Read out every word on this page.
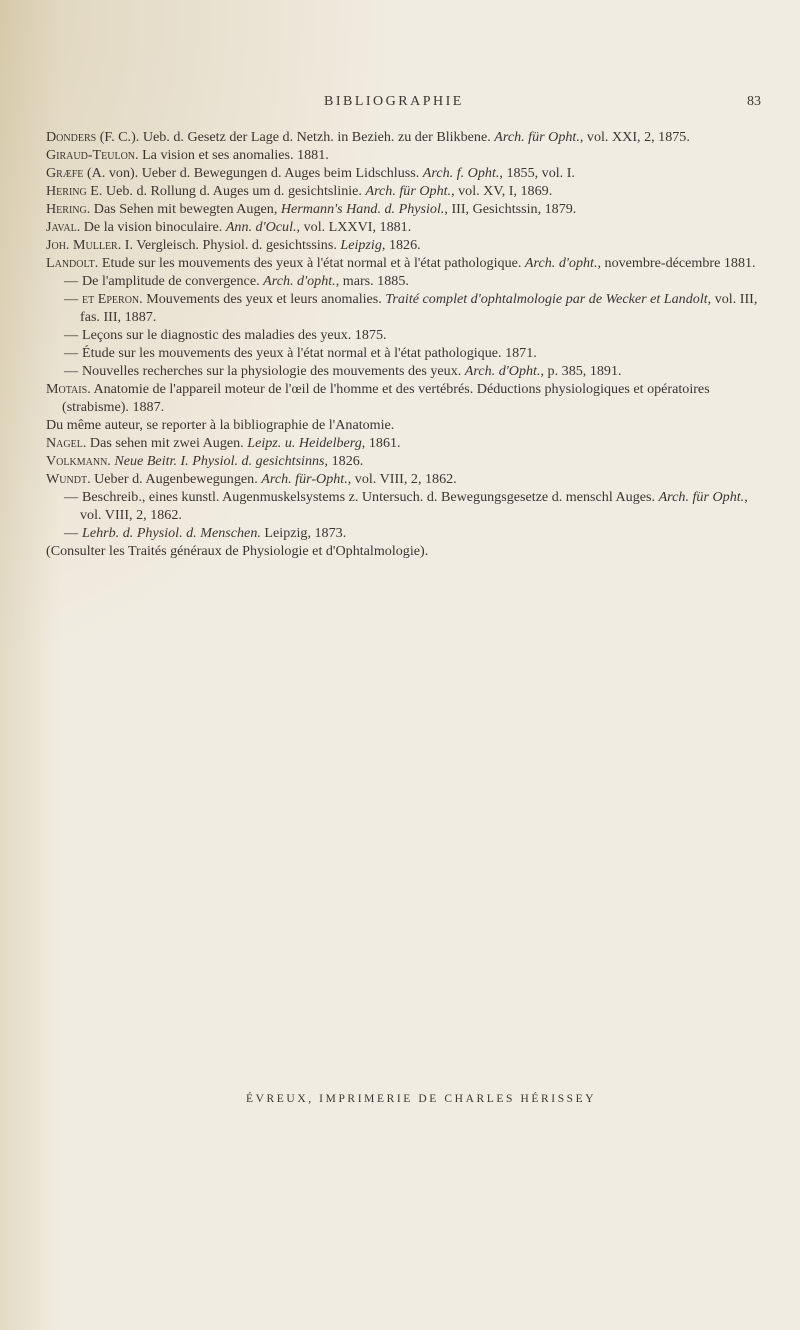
BIBLIOGRAPHIE	83

Donders (F. C.). Ueb. d. Gesetz der Lage d. Netzh. in Bezieh. zu der Blikbene. Arch. für Opht., vol. XXI, 2, 1875.

Giraud-Teulon. La vision et ses anomalies. 1881.

Græfe (A. von). Ueber d. Bewegungen d. Auges beim Lidschluss. Arch. f. Opht., 1855, vol. I.

Hering E. Ueb. d. Rollung d. Auges um d. gesichtslinie. Arch. für Opht., vol. XV, I, 1869.

Hering. Das Sehen mit bewegten Augen, Hermann's Hand. d. Physiol., III, Gesichtssin, 1879.

Javal. De la vision binoculaire. Ann. d'Ocul., vol. LXXVI, 1881.

Joh. Muller. I. Vergleisch. Physiol. d. gesichtssins. Leipzig, 1826.

Landolt. Etude sur les mouvements des yeux à l'état normal et à l'état pathologique. Arch. d'opht., novembre-décembre 1881.

— De l'amplitude de convergence. Arch. d'opht., mars. 1885.

— et Eperon. Mouvements des yeux et leurs anomalies. Traité complet d'ophtalmologie par de Wecker et Landolt, vol. III, fas. III, 1887.

— Leçons sur le diagnostic des maladies des yeux. 1875.

— Étude sur les mouvements des yeux à l'état normal et à l'état pathologique. 1871.

— Nouvelles recherches sur la physiologie des mouvements des yeux. Arch. d'Opht., p. 385, 1891.

Motais. Anatomie de l'appareil moteur de l'œil de l'homme et des vertébrés. Déductions physiologiques et opératoires (strabisme). 1887.

Du même auteur, se reporter à la bibliographie de l'Anatomie.

Nagel. Das sehen mit zwei Augen. Leipz. u. Heidelberg, 1861.

Volkmann. Neue Beitr. I. Physiol. d. gesichtsinns, 1826.

Wundt. Ueber d. Augenbewegungen. Arch. für-Opht., vol. VIII, 2, 1862.

— Beschreib., eines kunstl. Augenmuskelsystems z. Untersuch. d. Bewegungsgesetze d. menschl Auges. Arch. für Opht., vol. VIII, 2, 1862.

— Lehrb. d. Physiol. d. Menschen. Leipzig, 1873.

(Consulter les Traités généraux de Physiologie et d'Ophtalmologie).

ÉVREUX, IMPRIMERIE DE CHARLES HÉRISSEY
